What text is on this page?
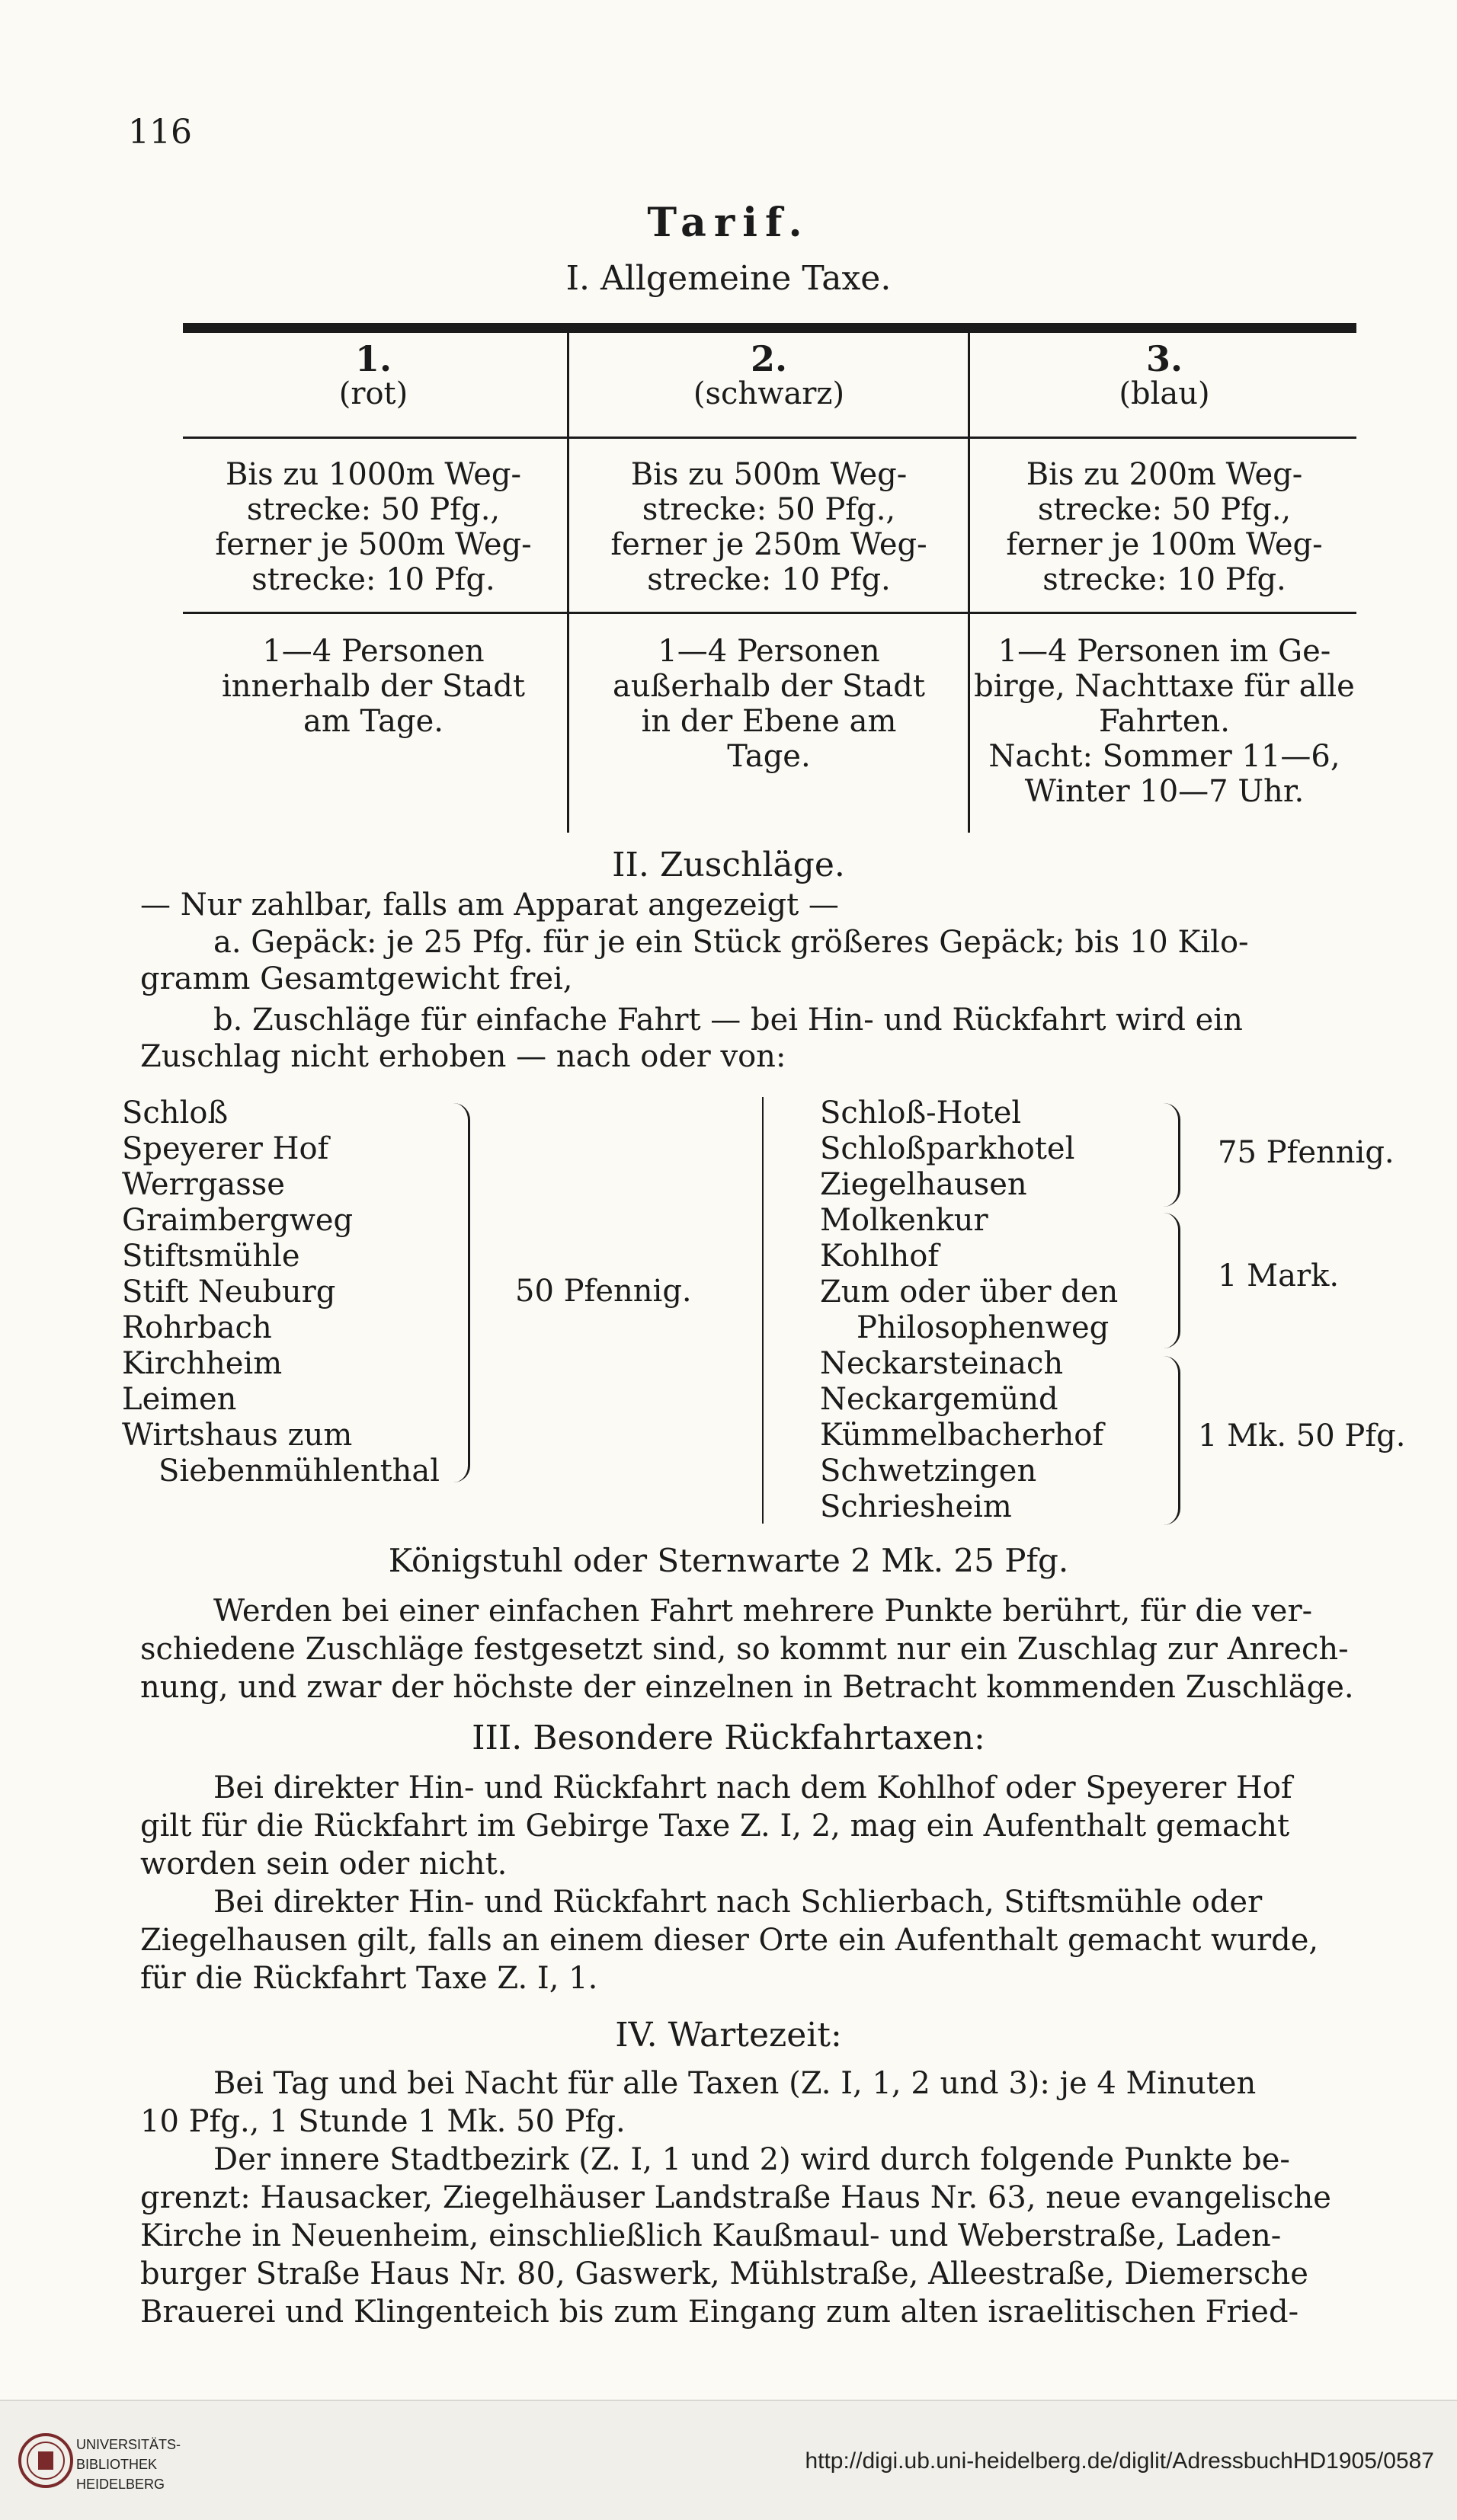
116
Tarif.
I. Allgemeine Taxe.
1.
(rot)
Bis zu 1000m Weg-
strecke: 50 Pfg.,
ferner je 500m Weg-
strecke: 10 Pfg.
1—4 Personen
innerhalb der Stadt
am Tage.
2.
(schwarz)
Bis zu 500m Weg-
strecke: 50 Pfg.,
ferner je 250m Weg-
strecke: 10 Pfg.
1—4 Personen
außerhalb der Stadt
in der Ebene am
Tage.
3.
(blau)
Bis zu 200m Weg-
strecke: 50 Pfg.,
ferner je 100m Weg-
strecke: 10 Pfg.
1—4 Personen im Ge-
birge, Nachttaxe für alle
Fahrten.
Nacht: Sommer 11—6,
Winter 10—7 Uhr.
II. Zuschläge.
— Nur zahlbar, falls am Apparat angezeigt —
a. Gepäck: je 25 Pfg. für je ein Stück größeres Gepäck; bis 10 Kilo-
gramm Gesamtgewicht frei,
b. Zuschläge für einfache Fahrt — bei Hin- und Rückfahrt wird ein
Zuschlag nicht erhoben — nach oder von:
Schloß
Speyerer Hof
Werrgasse
Graimbergweg
Stiftsmühle
Stift Neuburg
Rohrbach
Kirchheim
Leimen
Wirtshaus zum
Siebenmühlenthal
50 Pfennig.
Schloß-Hotel
Schloßparkhotel
Ziegelhausen
Molkenkur
Kohlhof
Zum oder über den
Philosophenweg
Neckarsteinach
Neckargemünd
Kümmelbacherhof
Schwetzingen
Schriesheim
75 Pfennig.
1 Mark.
1 Mk. 50 Pfg.
Königstuhl oder Sternwarte 2 Mk. 25 Pfg.
Werden bei einer einfachen Fahrt mehrere Punkte berührt, für die ver-
schiedene Zuschläge festgesetzt sind, so kommt nur ein Zuschlag zur Anrech-
nung, und zwar der höchste der einzelnen in Betracht kommenden Zuschläge.
III. Besondere Rückfahrtaxen:
Bei direkter Hin- und Rückfahrt nach dem Kohlhof oder Speyerer Hof
gilt für die Rückfahrt im Gebirge Taxe Z. I, 2, mag ein Aufenthalt gemacht
worden sein oder nicht.
Bei direkter Hin- und Rückfahrt nach Schlierbach, Stiftsmühle oder
Ziegelhausen gilt, falls an einem dieser Orte ein Aufenthalt gemacht wurde,
für die Rückfahrt Taxe Z. I, 1.
IV. Wartezeit:
Bei Tag und bei Nacht für alle Taxen (Z. I, 1, 2 und 3): je 4 Minuten
10 Pfg., 1 Stunde 1 Mk. 50 Pfg.
Der innere Stadtbezirk (Z. I, 1 und 2) wird durch folgende Punkte be-
grenzt: Hausacker, Ziegelhäuser Landstraße Haus Nr. 63, neue evangelische
Kirche in Neuenheim, einschließlich Kaußmaul- und Weberstraße, Laden-
burger Straße Haus Nr. 80, Gaswerk, Mühlstraße, Alleestraße, Diemersche
Brauerei und Klingenteich bis zum Eingang zum alten israelitischen Fried-
UNIVERSITÄTS-
BIBLIOTHEK
HEIDELBERG
http://digi.ub.uni-heidelberg.de/diglit/AdressbuchHD1905/0587
